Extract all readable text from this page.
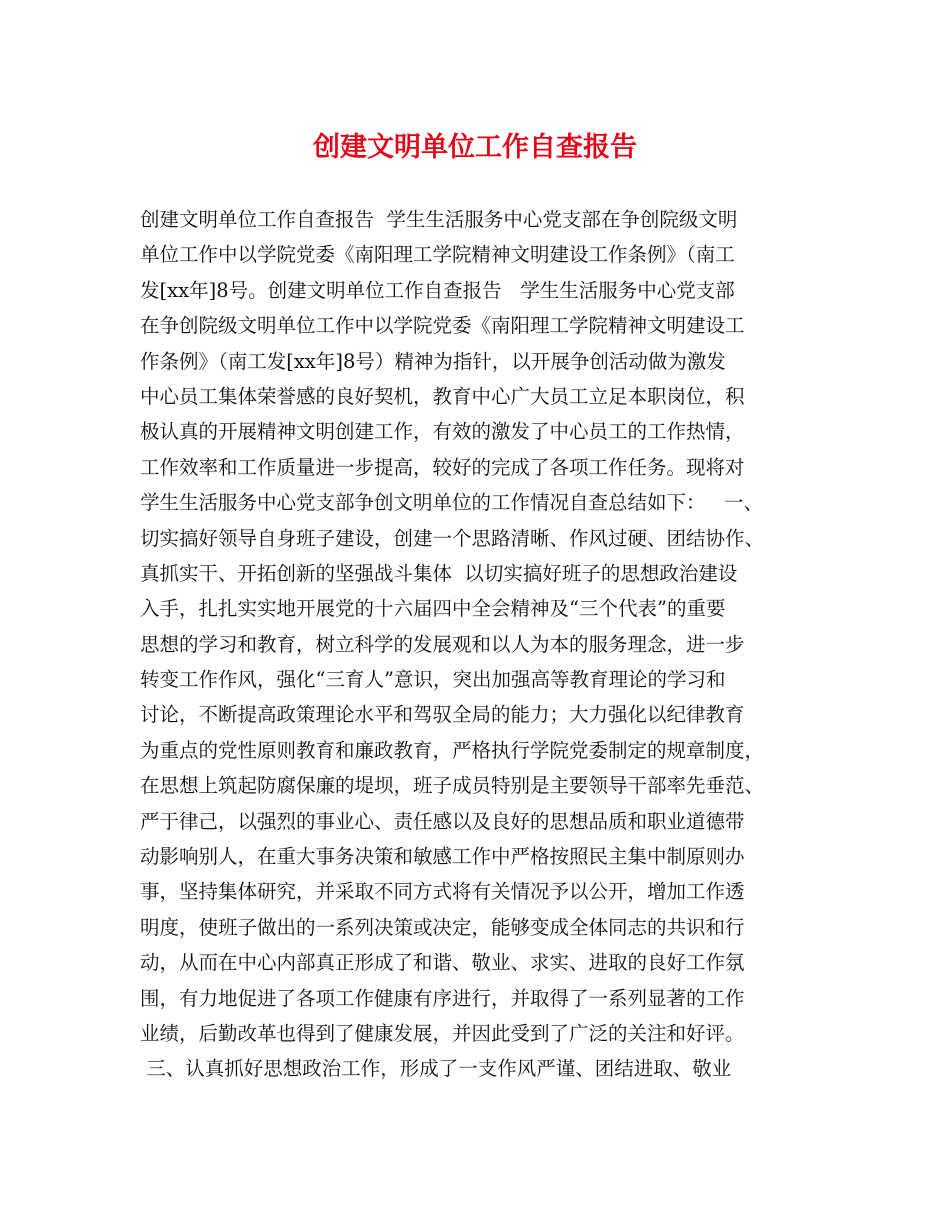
创建文明单位工作自查报告
创建文明单位工作自查报告  学生生活服务中心党支部在争创院级文明
单位工作中以学院党委《南阳理工学院精神文明建设工作条例》（南工
发[xx年]8号。创建文明单位工作自查报告   学生生活服务中心党支部
在争创院级文明单位工作中以学院党委《南阳理工学院精神文明建设工
作条例》（南工发[xx年]8号）精神为指针，以开展争创活动做为激发
中心员工集体荣誉感的良好契机，教育中心广大员工立足本职岗位，积
极认真的开展精神文明创建工作，有效的激发了中心员工的工作热情，
工作效率和工作质量进一步提高，较好的完成了各项工作任务。现将对
学生生活服务中心党支部争创文明单位的工作情况自查总结如下：   一、
切实搞好领导自身班子建设，创建一个思路清晰、作风过硬、团结协作、
真抓实干、开拓创新的坚强战斗集体  以切实搞好班子的思想政治建设
入手，扎扎实实地开展党的十六届四中全会精神及“三个代表”的重要
思想的学习和教育，树立科学的发展观和以人为本的服务理念，进一步
转变工作作风，强化“三育人”意识，突出加强高等教育理论的学习和
讨论，不断提高政策理论水平和驾驭全局的能力；大力强化以纪律教育
为重点的党性原则教育和廉政教育，严格执行学院党委制定的规章制度，
在思想上筑起防腐保廉的堤坝，班子成员特别是主要领导干部率先垂范、
严于律己，以强烈的事业心、责任感以及良好的思想品质和职业道德带
动影响别人，在重大事务决策和敏感工作中严格按照民主集中制原则办
事，坚持集体研究，并采取不同方式将有关情况予以公开，增加工作透
明度，使班子做出的一系列决策或决定，能够变成全体同志的共识和行
动，从而在中心内部真正形成了和谐、敬业、求实、进取的良好工作氛
围，有力地促进了各项工作健康有序进行，并取得了一系列显著的工作
业绩，后勤改革也得到了健康发展，并因此受到了广泛的关注和好评。
三、认真抓好思想政治工作，形成了一支作风严谨、团结进取、敬业
